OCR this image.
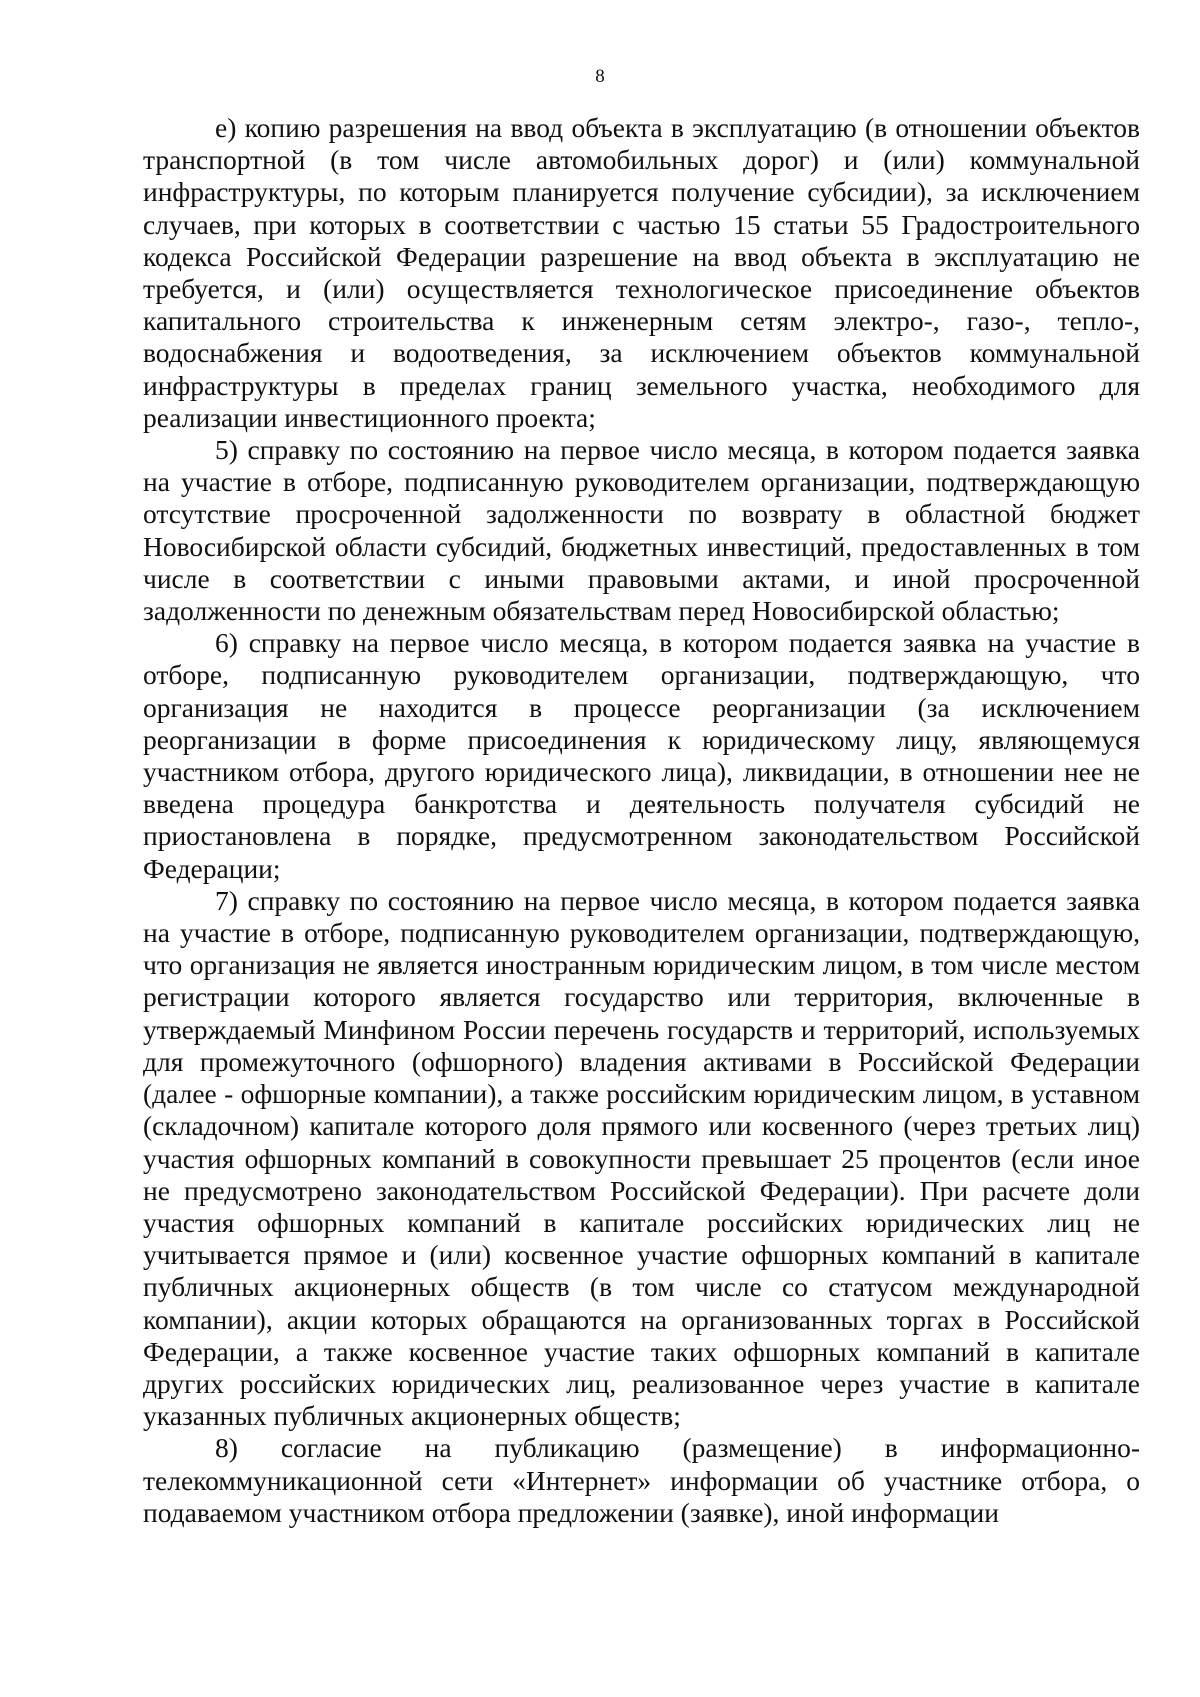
8

е) копию разрешения на ввод объекта в эксплуатацию (в отношении объектов транспортной (в том числе автомобильных дорог) и (или) коммунальной инфраструктуры, по которым планируется получение субсидии), за исключением случаев, при которых в соответствии с частью 15 статьи 55 Градостроительного кодекса Российской Федерации разрешение на ввод объекта в эксплуатацию не требуется, и (или) осуществляется технологическое присоединение объектов капитального строительства к инженерным сетям электро-, газо-, тепло-, водоснабжения и водоотведения, за исключением объектов коммунальной инфраструктуры в пределах границ земельного участка, необходимого для реализации инвестиционного проекта;

5) справку по состоянию на первое число месяца, в котором подается заявка на участие в отборе, подписанную руководителем организации, подтверждающую отсутствие просроченной задолженности по возврату в областной бюджет Новосибирской области субсидий, бюджетных инвестиций, предоставленных в том числе в соответствии с иными правовыми актами, и иной просроченной задолженности по денежным обязательствам перед Новосибирской областью;

6) справку на первое число месяца, в котором подается заявка на участие в отборе, подписанную руководителем организации, подтверждающую, что организация не находится в процессе реорганизации (за исключением реорганизации в форме присоединения к юридическому лицу, являющемуся участником отбора, другого юридического лица), ликвидации, в отношении нее не введена процедура банкротства и деятельность получателя субсидий не приостановлена в порядке, предусмотренном законодательством Российской Федерации;

7) справку по состоянию на первое число месяца, в котором подается заявка на участие в отборе, подписанную руководителем организации, подтверждающую, что организация не является иностранным юридическим лицом, в том числе местом регистрации которого является государство или территория, включенные в утверждаемый Минфином России перечень государств и территорий, используемых для промежуточного (офшорного) владения активами в Российской Федерации (далее - офшорные компании), а также российским юридическим лицом, в уставном (складочном) капитале которого доля прямого или косвенного (через третьих лиц) участия офшорных компаний в совокупности превышает 25 процентов (если иное не предусмотрено законодательством Российской Федерации). При расчете доли участия офшорных компаний в капитале российских юридических лиц не учитывается прямое и (или) косвенное участие офшорных компаний в капитале публичных акционерных обществ (в том числе со статусом международной компании), акции которых обращаются на организованных торгах в Российской Федерации, а также косвенное участие таких офшорных компаний в капитале других российских юридических лиц, реализованное через участие в капитале указанных публичных акционерных обществ;

8) согласие на публикацию (размещение) в информационно-телекоммуникационной сети «Интернет» информации об участнике отбора, о подаваемом участником отбора предложении (заявке), иной информации
